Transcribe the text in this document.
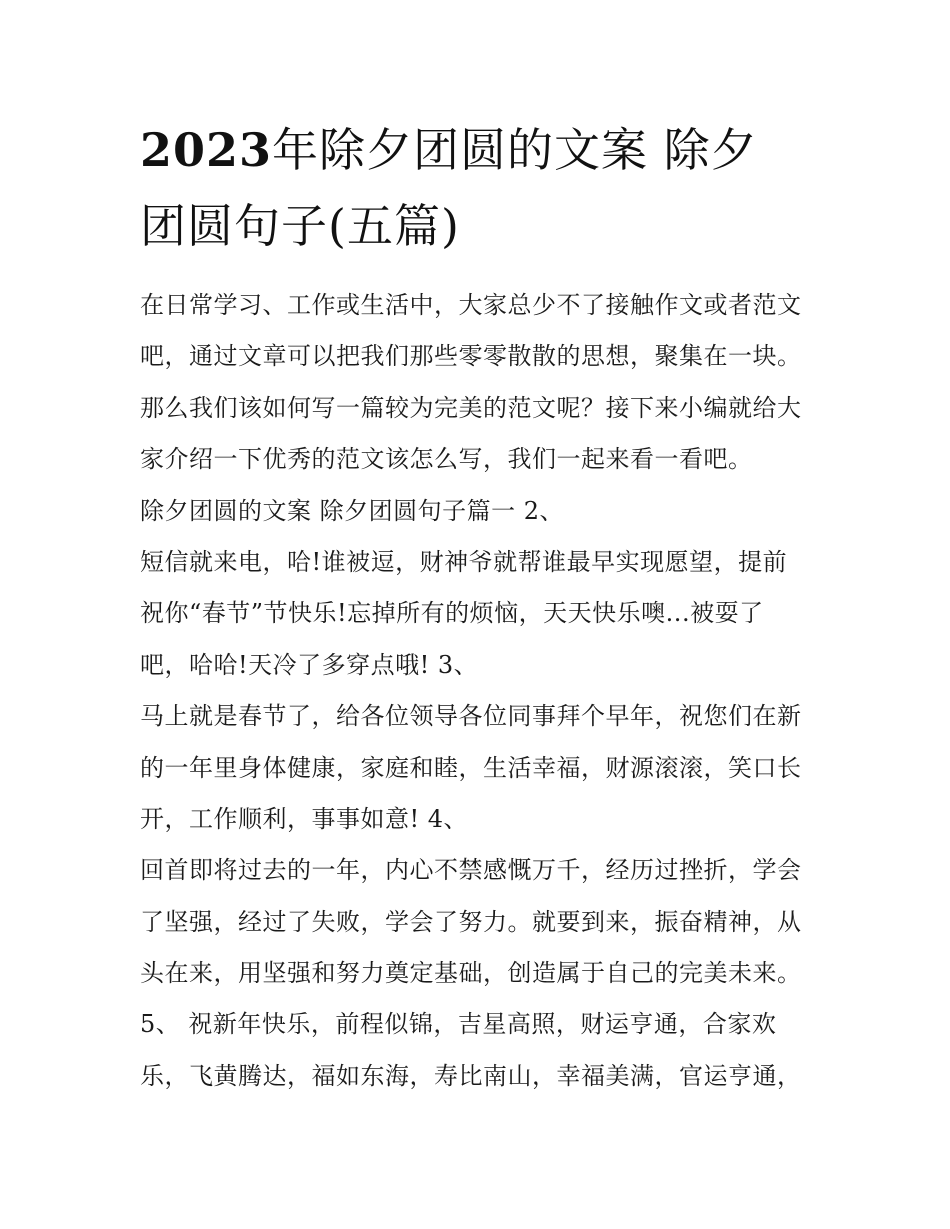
2023年除夕团圆的文案 除夕
团圆句子(五篇)
在日常学习、工作或生活中，大家总少不了接触作文或者范文
吧，通过文章可以把我们那些零零散散的思想，聚集在一块。
那么我们该如何写一篇较为完美的范文呢？接下来小编就给大
家介绍一下优秀的范文该怎么写，我们一起来看一看吧。
除夕团圆的文案 除夕团圆句子篇一 2、
短信就来电，哈!谁被逗，财神爷就帮谁最早实现愿望，提前
祝你“春节”节快乐!忘掉所有的烦恼，天天快乐噢...被耍了
吧，哈哈!天冷了多穿点哦! 3、
马上就是春节了，给各位领导各位同事拜个早年，祝您们在新
的一年里身体健康，家庭和睦，生活幸福，财源滚滚，笑口长
开，工作顺利，事事如意! 4、
回首即将过去的一年，内心不禁感慨万千，经历过挫折，学会
了坚强，经过了失败，学会了努力。就要到来，振奋精神，从
头在来，用坚强和努力奠定基础，创造属于自己的完美未来。
5、 祝新年快乐，前程似锦，吉星高照，财运亨通，合家欢
乐，飞黄腾达，福如东海，寿比南山，幸福美满，官运亨通，
